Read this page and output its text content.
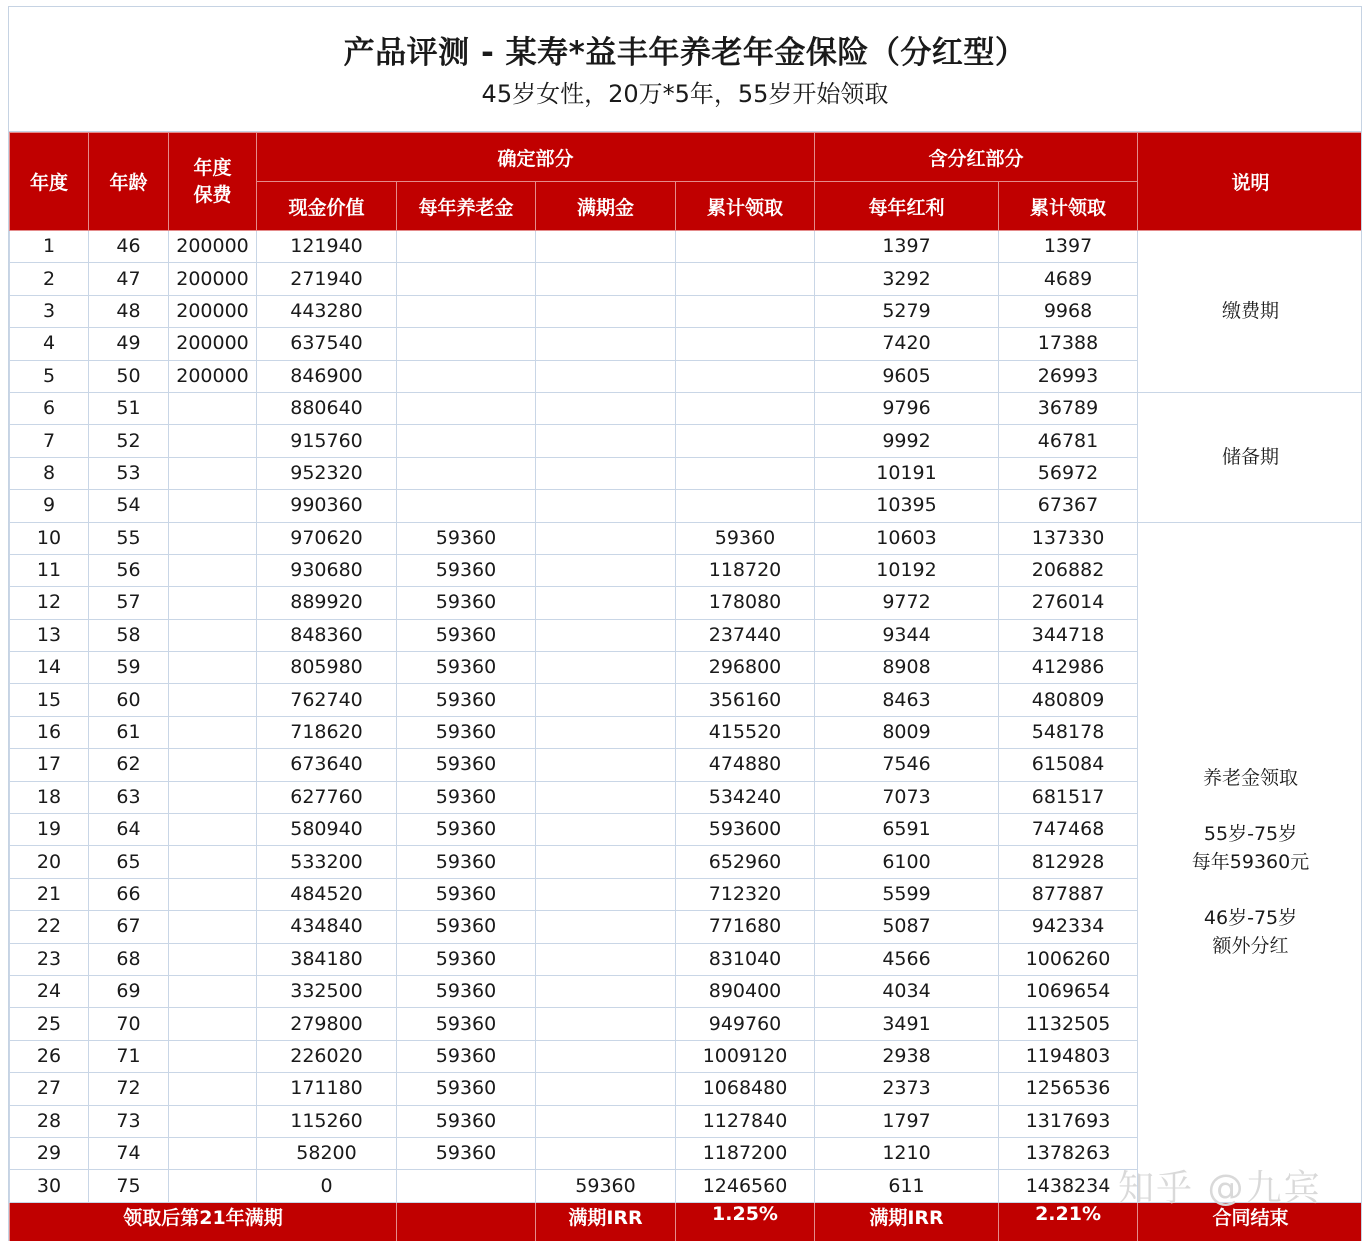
产品评测 - 某寿*益丰年养老年金保险（分红型）
45岁女性，20万*5年，55岁开始领取
年度	年龄	年度保费	确定部分				含分红部分		说明
			现金价值	每年养老金	满期金	累计领取	每年红利	累计领取	
1	46	200000	121940				1397	1397	缴费期
2	47	200000	271940				3292	4689	
3	48	200000	443280				5279	9968	
4	49	200000	637540				7420	17388	
5	50	200000	846900				9605	26993	
6	51		880640				9796	36789	储备期
7	52		915760				9992	46781	
8	53		952320				10191	56972	
9	54		990360				10395	67367	
10	55		970620	59360		59360	10603	137330	养老金领取
55岁-75岁
每年59360元
46岁-75岁
额外分红

11	56		930680	59360		118720	10192	206882	
12	57		889920	59360		178080	9772	276014	
13	58		848360	59360		237440	9344	344718	
14	59		805980	59360		296800	8908	412986	
15	60		762740	59360		356160	8463	480809	
16	61		718620	59360		415520	8009	548178	
17	62		673640	59360		474880	7546	615084	
18	63		627760	59360		534240	7073	681517	
19	64		580940	59360		593600	6591	747468	
20	65		533200	59360		652960	6100	812928	
21	66		484520	59360		712320	5599	877887	
22	67		434840	59360		771680	5087	942334	
23	68		384180	59360		831040	4566	1006260	
24	69		332500	59360		890400	4034	1069654	
25	70		279800	59360		949760	3491	1132505	
26	71		226020	59360		1009120	2938	1194803	
27	72		171180	59360		1068480	2373	1256536	
28	73		115260	59360		1127840	1797	1317693	
29	74		58200	59360		1187200	1210	1378263	
30	75		0		59360	1246560	611	1438234	
领取后第21年满期					满期IRR	1.25%	满期IRR	2.21%	合同结束
知乎 @九宾
